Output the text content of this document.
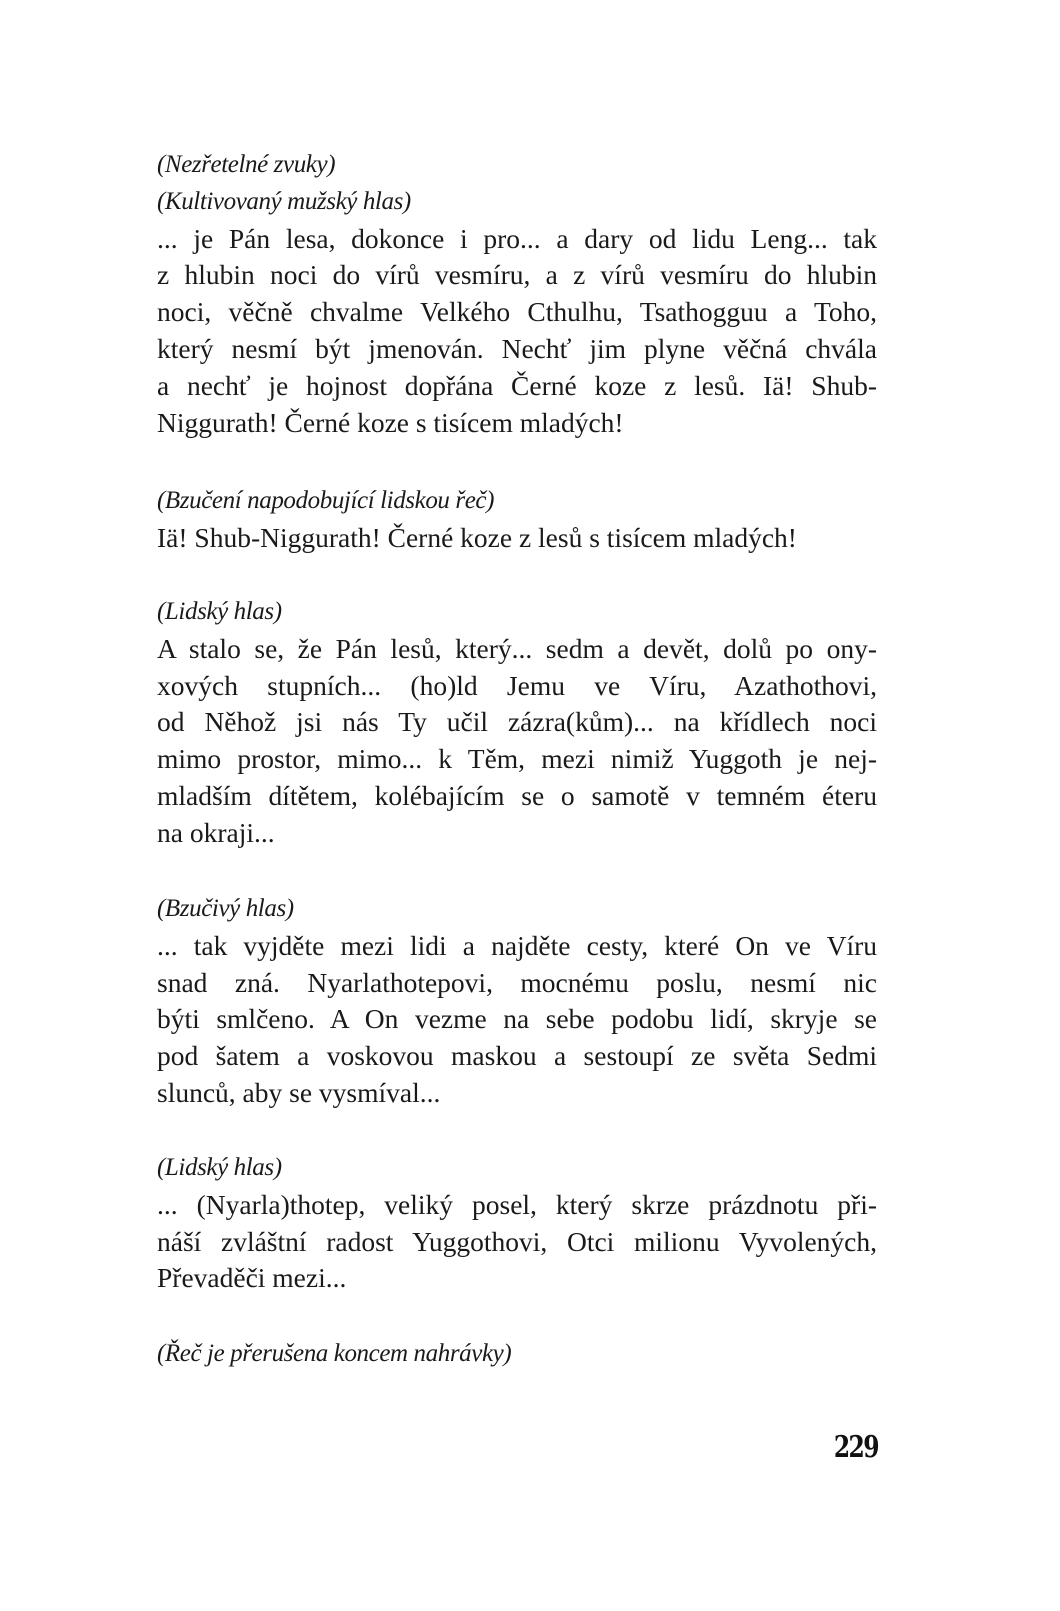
(Nezřetelné zvuky)
(Kultivovaný mužský hlas)
... je Pán lesa, dokonce i pro... a dary od lidu Leng... tak
z hlubin noci do vírů vesmíru, a z vírů vesmíru do hlubin
noci, věčně chvalme Velkého Cthulhu, Tsathogguu a Toho,
který nesmí být jmenován. Nechť jim plyne věčná chvála
a nechť je hojnost dopřána Černé koze z lesů. Iä! Shub-
Niggurath! Černé koze s tisícem mladých!
(Bzučení napodobující lidskou řeč)
Iä! Shub-Niggurath! Černé koze z lesů s tisícem mladých!
(Lidský hlas)
A stalo se, že Pán lesů, který... sedm a devět, dolů po ony-
xových stupních... (ho)ld Jemu ve Víru, Azathothovi,
od Něhož jsi nás Ty učil zázra(kům)... na křídlech noci
mimo prostor, mimo... k Těm, mezi nimiž Yuggoth je nej-
mladším dítětem, kolébajícím se o samotě v temném éteru
na okraji...
(Bzučivý hlas)
... tak vyjděte mezi lidi a najděte cesty, které On ve Víru
snad zná. Nyarlathotepovi, mocnému poslu, nesmí nic
býti smlčeno. A On vezme na sebe podobu lidí, skryje se
pod šatem a voskovou maskou a sestoupí ze světa Sedmi
slunců, aby se vysmíval...
(Lidský hlas)
... (Nyarla)thotep, veliký posel, který skrze prázdnotu při-
náší zvláštní radost Yuggothovi, Otci milionu Vyvolených,
Převaděči mezi...
(Řeč je přerušena koncem nahrávky)
229
